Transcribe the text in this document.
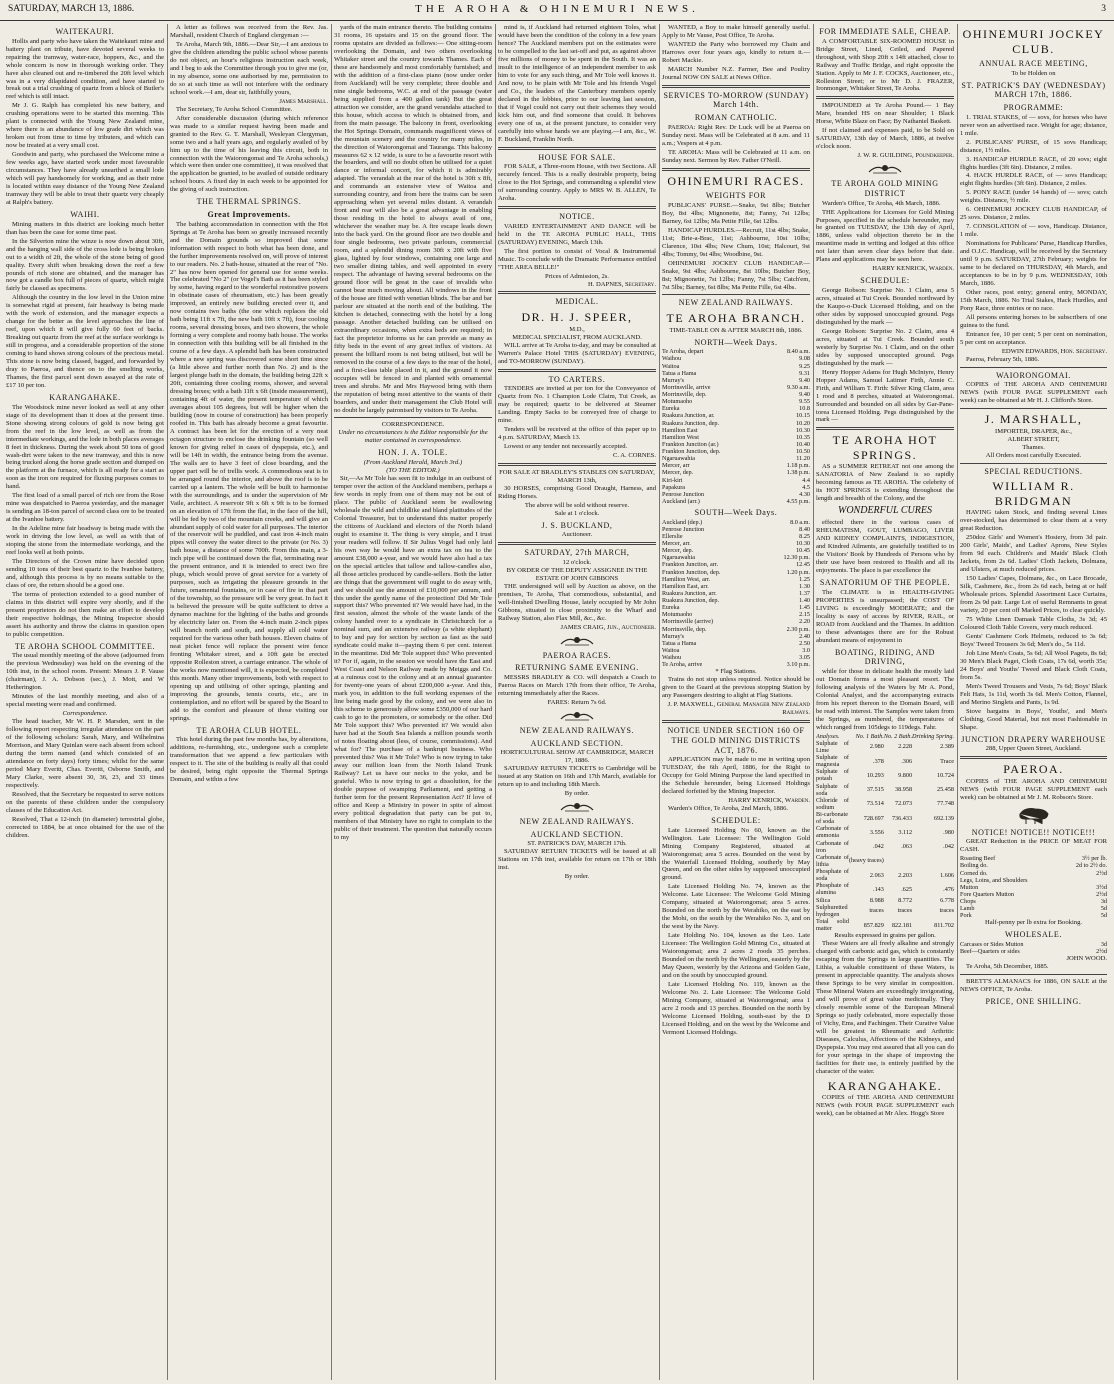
SATURDAY, MARCH 13, 1886.	THE AROHA & OHINEMURI NEWS.	3
WAITEKAURI.

Hollis and party who have taken the Waitekauri mine and battery plant on tribute, have devoted several weeks to repairing the tramway, water-race, hoppers, &c., and the whole concern is now in thorough working order. They have also cleaned out and re-timbered the 20ft level which was in a very dilapidated condition, and have started to break out a trial crushing of quartz from a block of Butler's reef which is still intact.

Mr J. G. Ralph has completed his new battery, and crushing operations were to be started this morning. This plant is connected with the Young New Zealand mine, where there is an abundance of low grade dirt which was broken out from time to time by tributers, and which can now be treated at a very small cost.

Goodwin and party, who purchased the Welcome mine a few weeks ago, have started work under most favourable circumstances. They have already unearthed a small lode which will pay handsomely for working, and as their mine is located within easy distance of the Young New Zealand tramway they will be able to treat their quartz very cheaply at Ralph's battery.

WAIHI.

Mining matters in this district are looking much better than has been the case for some time past.

In the Silverton mine the winze is now down about 30ft, and the hanging wall side of the cross lode is being broken out to a width of 2ft, the whole of the stone being of good quality. Every shift when breaking down the reef a few pounds of rich stone are obtained, and the manager has now got a candle box full of pieces of quartz, which might fairly be classed as specimens.

Although the country in the low level in the Union mine is somewhat rigid at present, fair headway is being made with the work of extension, and the manager expects a change for the better as the level approaches the line of reef, upon which it will give fully 60 feet of backs. Breaking out quartz from the reef at the surface workings is still in progress, and a considerable proportion of the stone coming to hand shows strong colours of the precious metal. This stone is now being classed, bagged, and forwarded by dray to Paeroa, and thence on to the smelting works, Thames, the first parcel sent down assayed at the rate of £17 10 per ton.

KARANGAHAKE.

The Woodstock mine never looked as well at any other stage of its development than it does at the present time. Stone showing strong colours of gold is now being got from the reef in the low level, as well as from the intermediate workings, and the lode in both places averages 8 feet in thickness. During the week about 50 tons of good wash-dirt were taken to the new tramway, and this is now being trucked along the horse grade section and dumped on the platform at the furnace, which is all ready for a start as soon as the iron ore required for fluxing purposes comes to hand.

The first load of a small parcel of rich ore from the Rose mine was despatched to Paeroa yesterday, and the manager is sending an 18-ton parcel of second class ore to be treated at the Ivanhoe battery.

In the Adeline mine fair headway is being made with the work in driving the low level, as well as with that of stoping the stone from the intermediate workings, and the reef looks well at both points.

The Directors of the Crown mine have decided upon sending 10 tons of their best quartz to the Ivanhoe battery, and, although this process is by no means suitable to the class of ore, the return should be a good one.

The terms of protection extended to a good number of claims in this district will expire very shortly, and if the present proprietors do not then make an effort to develop their respective holdings, the Mining Inspector should assert his authority and throw the claims in question open to public competition.

TE AROHA SCHOOL COMMITTEE.

The usual monthly meeting of the above (adjourned from the previous Wednesday) was held on the evening of the 10th inst, in the school room. Present: Messrs J. P. Vause (chairman), J. A. Dobson (sec.), J. Mott, and W Hetherington.

Minutes of the last monthly meeting, and also of a special meeting were read and confirmed.

Correspondence.

The head teacher, Mr W. H. P. Marsden, sent in the following report respecting irregular attendance on the part of the following scholars: Sarah, Mary, and Wilhelmina Morrison, and Mary Quinlan were each absent from school during the term named (and which consisted of an attendance on forty days) forty times; whilst for the same period Mary Everitt, Chas. Everitt, Osborne Smith, and Mary Clarke, were absent 30, 36, 23, and 33 times respectively.

Resolved, that the Secretary be requested to serve notices on the parents of these children under the compulsory clauses of the Education Act.

Resolved, That a 12-inch (in diameter) terrestrial globe, corrected to 1884, be at once obtained for the use of the children.

A letter as follows was received from the Rev. Jas. Marshall, resident Church of England clergyman :—

Te Aroha, March 9th, 1886.—Dear Sir,—I am anxious to give the children attending the public school whose parents do not object, an hour's religious instruction each week, and I beg to ask the Committee through you to give me (or, in my absence, some one authorised by me, permission to do so at such time as will not interfere with the ordinary school work.—I am, dear sir, faithfully yours,

James Marshall.

The Secretary, Te Aroha School Committee.

After considerable discussion (during which reference was made to a similar request having been made and granted to the Rev. G. T. Marshall, Wesleyan Clergyman, some two and a half years ago, and regularly availed of by him up to the time of his leaving this circuit, both in connection with the Waiorongomai and Te Aroha schools,) which were then under one committee), it was resolved that the application be granted, to be availed of outside ordinary school hours. A fixed day in each week to be appointed for the giving of such instruction.

THE THERMAL SPRINGS.
Great Improvements.

The bathing accommodation in connection with the Hot Springs at Te Aroha has been so greatly increased recently and the Domain grounds so improved that some information with respect to both what has been done, and the further improvements resolved on, will prove of interest to our readers. No. 2 bath-house, situated at the rear of "No. 2" has now been opened for general use for some weeks. The celebrated "No 2" (or Vogel's Bath as it has been styled by some, having regard to the wonderful restorative powers in obstinate cases of rheumatism, etc.) has been greatly improved, an entirely new building erected over it, and now contains two baths (the one which replaces the old bath being 11ft x 7ft, the new bath 10ft x 7ft), four cooling rooms, several dressing boxes, and two showers, the whole forming a very complete and roomy bath house. The works in connection with this building will be all finished in the course of a few days. A splendid bath has been constructed where a new spring was discovered some short time since (a little above and further north than No. 2) and is the largest plunge bath in the domain, the building being 22ft x 20ft, containing three cooling rooms, shower, and several dressing boxes; with a bath 11ft x 6ft (inside measurement), containing 4ft of water, the present temperature of which averages about 105 degrees, but will be higher when the building (now in course of construction) has been properly roofed in. This bath has already become a great favourite. A contract has been let for the erection of a very neat octagon structure to enclose the drinking fountain (so well known for giving relief in cases of dyspepsia, etc.), and will be 14ft in width, the entrance being from the avenue. The walls are to have 3 feet of close boarding, and the upper part will be of trellis work. A commodious seat is to be arranged round the interior, and above the roof is to be carried up a lantern. The whole will be built to harmonise with the surroundings, and is under the supervision of Mr Vaile, architect. A reservoir 9ft x 6ft x 9ft is to be formed on an elevation of 17ft from the flat, in the face of the hill, will be fed by two of the mountain creeks, and will give an abundant supply of cold water for all purposes. The interior of the reservoir will be puddled, and cast iron 4-inch main pipes will convey the water direct to the private (or No. 3) bath house, a distance of some 700ft. From this main, a 3-inch pipe will be continued down the flat, terminating near the present entrance, and it is intended to erect two fire plugs, which would prove of great service for a variety of purposes, such as irrigating the pleasure grounds in the future, ornamental fountains, or in case of fire in that part of the township, so the pressure will be very great. In fact it is believed the pressure will be quite sufficient to drive a dynamo machine for the lighting of the baths and grounds by electricity later on. From the 4-inch main 2-inch pipes will branch north and south, and supply all cold water required for the various other bath houses. Eleven chains of neat picket fence will replace the present wire fence fronting Whitaker street, and a 10ft gate be erected opposite Rolleston street, a carriage entrance. The whole of the works now mentioned will, it is expected, be completed this month. Many other improvements, both with respect to opening up and utilising of other springs, planting and improving the grounds, tennis courts, etc., are in contemplation, and no effort will be spared by the Board to add to the comfort and pleasure of those visiting our springs.

TE AROHA CLUB HOTEL.

This hotel during the past few months has, by alterations, additions, re-furnishing, etc., undergone such a complete transformation that we append a few particulars with respect to it. The site of the building is really all that could be desired, being right opposite the Thermal Springs Domain, and within a few

yards of the main entrance thereto. The building contains 31 rooms, 16 upstairs and 15 on the ground floor. The rooms upstairs are divided as follows:— One sitting-room overlooking the Domain, and two others overlooking Whitaker street and the country towards Thames. Each of these are handsomely and most comfortably furnished; and with the addition of a first-class piano (now under order from Auckland) will be very complete; three double and nine single bedrooms, W.C. at end of the passage (water being supplied from a 400 gallon tank) But the great attraction we consider, are the grand verandahs attached to this house, which access to which is obtained from, and from the main passage. The balcony in front, overlooking the Hot Springs Domain, commands magnificent views of the mountain scenery and the country for many miles, in the direction of Waiorongomai and Tauranga. This balcony measures 62 x 12 wide, is sure to be a favourite resort with the boarders, and will no doubt often be utilised for a quiet dance or informal concert, for which it is admirably adapted. The verandah at the rear of the hotel is 30ft x 8ft, and commands an extensive view of Waitoa and surrounding country, and from here the trains can be seen approaching when yet several miles distant. A verandah front and rear will also be a great advantage in enabling those residing in the hotel to always avail of one, whichever the weather may be. A fire escape leads down into the back yard. On the ground floor are two double and four single bedrooms, two private parlours, commercial room, and a splendid dining room 30ft x 20ft with five glass, lighted by four windows, containing one large and two smaller dining tables, and well appointed in every respect. The advantage of having several bedrooms on the ground floor will be great in the case of invalids who cannot bear much moving about. All windows in the front of the house are fitted with venetian blinds. The bar and bar parlour are situated at the north end of the building. The kitchen is detached, connecting with the hotel by a long passage. Another detached building can be utilised on extraordinary occasions, when extra beds are required; in fact the proprietor informs us he can provide as many as fifty beds in the event of any great influx of visitors. At present the billiard room is not being utilised, but will be removed in the course of a few days to the rear of the hotel, and a first-class table placed in it, and the ground it now occupies will be fenced in and planted with ornamental trees and shrubs. Mr and Mrs Haywood bring with them the reputation of being most attentive to the wants of their boarders, and under their management the Club Hotel will no doubt be largely patronised by visitors to Te Aroha.

CORRESPONDENCE.
Under no circumstances is the Editor responsible for the matter contained in correspondence.
HON. J. A. TOLE.
(From Auckland Herald, March 3rd.)
(TO THE EDITOR.)

Sir,—As Mr Tole has seen fit to indulge in an outburst of temper over the action of the Auckland members, perhaps a few words in reply from one of them may not be out of place. The public of Auckland seem be swallowing wholesale the wild and childlike and bland platitudes of the Colonial Treasurer, but to understand this matter properly the citizens of Auckland and electors of the North Island ought to examine it. The thing is very simple, and I trust your readers will follow. If Sir Julius Vogel had only laid his own way he would have an extra tax on tea to the amount £38,000 a-year, and we would have also had a tax on the special articles that tallow and tallow-candles also, all those articles produced by candle-sellers. Both the latter are things that the government will ought to do away with, and we should use the amount of £10,000 per annum, and this under the gently name of the protection! Did Mr Tole support this? Who prevented it? We would have had, in the first session, almost the whole of the waste lands of the colony handed over to a syndicate in Christchurch for a nominal sum, and an extensive railway (a white elephant) to buy and pay for section by section as fast as the said syndicate could make it—paying them 6 per cent. interest in the meantime. Did Mr Tole support this? Who prevented it? For if, again, in the session we would have the East and West Coast and Nelson Railway made by Meiggs and Co. at a ruinous cost to the colony and at an annual guarantee for twenty-one years of about £200,000 a-year. And this, mark you, in addition to the full working expenses of the line being made good by the colony, and we were also in this scheme to generously allow some £350,000 of our hard cash to go to the promoters, or somebody or the other. Did Mr Tole support this? Who prevented it? We would also have had at the South Sea Islands a million pounds worth of notes floating about (less, of course, commissions). And what for? The purchase of a bankrupt business. Who prevented this? Was it Mr Tole? Who is now trying to take away our million loan from the North Island Trunk Railway? Let us have our necks to the yoke, and be grateful. Who is now trying to get a dissolution, for the double purpose of swamping Parliament, and getting a further term for the present Representation Act? If love of office and Keep a Ministry in power in spite of almost every political degradation that party can be put to, members of that Ministry have no right to complain to the public of their treatment. The question that naturally occurs to my

mind is, if Auckland had returned eighteen Toles, what would have been the condition of the colony in a few years hence? The Auckland members put on the estimates were to be compelled to the last set-off and put, as against above five millions of money to be spent in the South. It was an insult to the intelligence of an independent member to ask him to vote for any such thing, and Mr Tole well knows it. And now, to be plain with Mr Tole and his friends Vogel and Co., the leaders of the Canterbury members openly declared in the lobbies, prior to our leaving last session, that if Vogel could not carry out their schemes they would kick him out, and find someone that could. It behoves every one of us, at the present juncture, to consider very carefully into whose hands we are playing.—I am, &c., W. F. Buckland, Franklin North.

HOUSE FOR SALE.

FOR SALE, a Three-room House, with two Sections. All securely fenced. This is a really desirable property, being close to the Hot Springs, and commanding a splendid view of surrounding country. Apply to MRS W. B. ALLEN, Te Aroha.

NOTICE.

VARIED ENTERTAINMENT AND DANCE will be held in the TE AROHA PUBLIC HALL, THIS (SATURDAY) EVENING, March 13th.

The first portion to consist of Vocal & Instrumental Music. To conclude with the Dramatic Performance entitled "THE AREA BELLE!"

Prices of Admission, 2s.
H. DAPNES, Secretary.
MEDICAL.
DR. H. J. SPEER,
M.D.,
MEDICAL SPECIALIST, FROM AUCKLAND.

WILL arrive at Te Aroha to-day, and may be consulted at Warren's Palace Hotel THIS (SATURDAY) EVENING, and TO-MORROW (SUNDAY).

TO CARTERS.

TENDERS are invited at per ton for the Conveyance of Quartz from No. 1 Champion Lode Claim, Tui Creek, as may be required; quartz to be delivered at Steamer Landing. Empty Sacks to be conveyed free of charge to mine.

Tenders will be received at the office of this paper up to 4 p.m. SATURDAY, March 13.

Lowest or any tender not necessarily accepted.

C. A. CORNES.
FOR SALE AT BRADLEY'S STABLES ON SATURDAY, MARCH 13th,

30 HORSES, comprising Good Draught, Harness, and Riding Horses.

The above will be sold without reserve.
Sale at 1 o'clock.
J. S. BUCKLAND,
Auctioneer.
SATURDAY, 27th MARCH,
12 o'clock.
BY ORDER OF THE DEPUTY ASSIGNEE IN THE ESTATE OF JOHN GIBBONS

THE undersigned will sell by Auction as above, on the premises, Te Aroha, That commodious, substantial, and well-finished Dwelling House, lately occupied by Mr John Gibbons, situated in close proximity to the Wharf and Railway Station, also Flax Mill, &c., &c.

JAMES CRAIG, Jun., Auctioneer.
PAEROA RACES.
RETURNING SAME EVENING.

MESSRS BRADLEY & CO. will despatch a Coach to Paeroa Races on March 17th from their office, Te Aroha, returning immediately after the Races.

FARES: Return 7s 6d.
NEW ZEALAND RAILWAYS.
AUCKLAND SECTION.
HORTICULTURAL SHOW AT CAMBRIDGE, MARCH 17, 1886.

SATURDAY RETURN TICKETS to Cambridge will be issued at any Station on 16th and 17th March, available for return up to and including 18th March.

By order.
NEW ZEALAND RAILWAYS.
AUCKLAND SECTION.
ST. PATRICK'S DAY, MARCH 17th.

SATURDAY RETURN TICKETS will be issued at all Stations on 17th inst, available for return on 17th or 18th inst.

By order.

WANTED, a Boy to make himself generally useful. Apply to Mr Vause, Post Office, Te Aroha.

WANTED the Party who borrowed my Chain and Harrows over four years ago, kindly to return it.—Robert Mackie.

MARCH Number N.Z. Farmer, Bee and Poultry Journal NOW ON SALE at News Office.

SERVICES TO-MORROW (SUNDAY) March 14th.
ROMAN CATHOLIC.

PAEROA: Right Rev. Dr Luck will be at Paeroa on Sunday next. Mass will be Celebrated at 8 a.m. and 11 a.m.; Vespers at 4 p.m.

TE AROHA: Mass will be Celebrated at 11 a.m. on Sunday next. Sermon by Rev. Father O'Neill.

OHINEMURI RACES.
WEIGHTS FOR

PUBLICANS' PURSE.—Snake, 9st 8lbs; Butcher Boy, 8st 4lbs; Mignonette, 8st; Fanny, 7st 12lbs; Barney, 6st 12lbs; Ma Petite Fille, 6st 12lbs.

HANDICAP HURDLES.—Recruit, 11st 4lbs; Snake, 11st; Brie-a-Brac, 11st; Ashbourne, 10st 10lbs; Clarence, 10st 4lbs; New Chum, 10st; Halcourt, 9st 4lbs; Tommy, 9st 4lbs; Woodbine, 9st.

OHINEMURI JOCKEY CLUB HANDICAP.—Snake, 9st 4lbs; Ashbourne, 8st 10lbs; Butcher Boy, 8st; Mignonette, 7st 12lbs; Fanny, 7st 5lbs; Catch'em, 7st 5lbs; Barney, 6st 8lbs; Ma Petite Fille, 6st 4lbs.

NEW ZEALAND RAILWAYS.
TE AROHA BRANCH.
TIME-TABLE ON & AFTER MARCH 8th, 1886.
NORTH—Week Days.
Te Aroha, depart	8.40 a.m.
Waihou	9.08
Waitoa	9.25
Tatua a Hama	9.31
Murray's	9.40
Morrinsville, arrive	9.30 a.m.
Morrinsville, dep.	9.40
Motumaoho	9.55
Eureka	10.8
Ruakura Junction, ar.	10.15
Ruakura Junction, dep.	10.20
Hamilton East	10.30
Hamilton West	10.35
Frankton Junction (ar.)	10.40
Frankton Junction, dep.	10.50
Ngaruawahia	11.20
Mercer, arr	1.18 p.m.
Mercer, dep.	1.38 p.m.
Kiri-kiri	4.4
Papakura	4.5
Penrose Junction	4.30
Auckland (arr.)	4.55 p.m.
SOUTH—Week Days.
Auckland (dep.)	8.0 a.m.
Penrose Junction	8.40
Ellerslie	8.25
Mercer, arr.	10.30
Mercer, dep.	10.45
Ngaruawahia	12.30 p.m.
Frankton Junction, arr.	12.45
Frankton Junction, dep.	1.20 p.m.
Hamilton West, arr.	1.25
Hamilton East, arr.	1.30
Ruakura Junction, arr.	1.37
Ruakura Junction, dep.	1.40
Eureka	1.45
Motumaoho	2.15
Morrinsville (arrive)	2.20
Morrinsville, dep.	2.30 p.m.
Murray's	2.40
Tatua a Hama	2.50
Waitoa	3.0
Waihou	3.05
Te Aroha, arrive	3.10 p.m.
* Flag Stations.

Trains do not stop unless required. Notice should be given to the Guard at the previous stopping Station by any Passengers desiring to alight at Flag Stations.

J. P. MAXWELL, General Manager New Zealand Railways.
NOTICE UNDER SECTION 160 OF THE GOLD MINING DISTRICTS ACT, 1876.

APPLICATION may be made to me in writing upon TUESDAY, the 6th April, 1886, for the Right to Occupy for Gold Mining Purpose the land specified in the Schedule hereunder, being Licensed Holdings declared forfeited by the Mining Inspector.

HARRY KENRICK, Warden.

Warden's Office, Te Aroha, 2nd March, 1886.

SCHEDULE:

Late Licensed Holding No 60, known as the Wellington. Late Licensee: The Wellington Gold Mining Company Registered, situated at Waiorongomai; area 5 acres. Bounded on the west by the Waterfall Licensed Holding, southerly by May Queen, and on the other sides by supposed unoccupied ground.

Late Licensed Holding No. 74, known as the Welcome. Late Licensee: The Welcome Gold Mining Company, situated at Waiorongomai; area 5 acres. Bounded on the north by the Werahiko, on the east by the Mohi, on the south by the Werahiko No. 3, and on the west by the Navy.

Late Holding No. 104, known as the Leo. Late Licensee: The Wellington Gold Mining Co., situated at Waiorongomai; area 2 acres 2 roods 35 perches. Bounded on the north by the Wellington, easterly by the May Queen, westerly by the Arizona and Golden Gate, and on the south by unoccupied ground.

Late Licensed Holding No. 119, known as the Welcome No. 2. Late Licensee: The Welcome Gold Mining Company, situated at Waiorongomai; area 1 acre 2 roods and 13 perches. Bounded on the north by Welcome Licensed Holding, south-east by the D Licensed Holding, and on the west by the Welcome and Vermont Licensed Holdings.

FOR IMMEDIATE SALE, CHEAP.

A COMFORTABLE SIX-ROOMED HOUSE in Bridge Street, Lined, Ceiled, and Papered throughout, with Shop 20ft x 14ft attached, close to Railway and Traffic Bridge, and right opposite the Station. Apply to Mr J. F. COCKS, Auctioneer, etc., Rolleston Street; or to Mr D. J. FRAZER, Ironmonger, Whitaker Street, Te Aroha.

IMPOUNDED at Te Aroha Pound.— 1 Bay Mare, branded HS on near Shoulder; 1 Black Horse, White Blaze on Face; By Nathaniel Baskett.

If not claimed and expenses paid, to be Sold on SATURDAY, 13th day of March, 1886, at twelve o'clock noon.

J. W. R. GUILDING, Poundkeeper.
TE AROHA GOLD MINING DISTRICT

Warden's Office, Te Aroha, 4th March, 1886.

THE Applications for Licenses for Gold Mining Purposes, specified in the schedule hereunder, may be granted on TUESDAY, the 13th day of April, 1886, unless valid objection thereto be in the meantime made in writing and lodged at this office not later than seven clear days before that date. Plans and applications may be seen here.

HARRY KENRICK, Warden.
SCHEDULE:

George Robson: Surprise No. 1 Claim, area 5 acres, situated at Tui Creek. Bounded northward by the Kaupo-o-Duck Licensed Holding, and on the other sides by supposed unoccupied ground. Pegs distinguished by the mark —

George Robson: Surprise No. 2 Claim, area 4 acres, situated at Tui Creek. Bounded south westerly by Surprise No. 1 Claim, and on the other sides by supposed unoccupied ground. Pegs distinguished by the mark —

Henry Hopper Adams for Hugh McIntyre, Henry Hopper Adams, Samuel Latimer Firth, Annie C. Firth, and William T. Firth: Silver King Claim, area 1 rood and 8 perches, situated at Waiorongomai. Surrounded and bounded on all sides by Gar-Pane-torea Licensed Holding. Pegs distinguished by the mark —

TE AROHA HOT SPRINGS.

AS a SUMMER RETREAT not one among the SANATORIA of New Zealand is so rapidly becoming famous as TE AROHA. The celebrity of its HOT SPRINGS is extending throughout the length and breadth of the Colony, and the

WONDERFUL CURES

effected there in the various cases of RHEUMATISM, GOUT, LUMBAGO, LIVER AND KIDNEY COMPLAINTS, INDIGESTION, and Kindred Ailments, are gratefully testified to in the Visitors' Book by Hundreds of Persons who by their use have been restored to Health and all its enjoyments. The place is par excellence the

SANATORIUM OF THE PEOPLE.

The CLIMATE is in HEALTH-GIVING PROPERTIES is unsurpassed; the COST OF LIVING is exceedingly MODERATE; and the locality is easy of access by RIVER, RAIL, or ROAD from Auckland and the Thames. In addition to these advantages there are for the Robust abundant means of enjoyment in

BOATING, RIDING, AND DRIVING,

while for those in delicate health the mostly laid out Domain forms a most pleasant resort. The following analysis of the Waters by Mr A. Pond, Colonial Analyst, and the accompanying extracts from his report thereon to the Domain Board, will be read with interest. The Samples were taken from the Springs, as numbered, the temperatures of which ranged from 105degs to 119degs. Fahr.

Analyses.	No. 1 Bath.	No. 2 Bath.	Drinking Spring.
Sulphate of Lime	2.980	2.228	2.389
Sulphate of magnesia	.378	.306	Trace
Sulphate of potash	10.293	9.800	10.724
Sulphate of soda	37.515	38.958	25.458
Chloride of sodium	73.514	72.073	77.748
Bi-carbonate of soda	728.697	736.433	692.139
Carbonate of ammonia	3.556	3.112	.980
Carbonate of iron	.042	.063	.042
Carbonate of lithia	(heavy traces)		
Phosphate of soda	2.063	2.203	1.606
Phosphate of alumina	.143	.625	.476
Silica	8.988	8.772	6.778
Sulphuretted hydrogen	traces	traces	traces
Total solid matter	857.829	822.181	811.702
Results expressed in grains per gallon.

These Waters are all freely alkaline and strongly charged with carbonic acid gas, which is constantly escaping from the Springs in large quantities. The Lithia, a valuable constituent of these Waters, is present in appreciable quantity. The analysis shows these Springs to be very similar in composition. These Mineral Waters are exceedingly invigorating, and will prove of great value medicinally. They closely resemble some of the European Mineral Springs so justly celebrated, more especially those of Vichy, Ems, and Fachingen. Their Curative Value will be greatest in Rheumatic and Arthritic Diseases, Calculus, Affections of the Kidneys, and Dyspepsia. You may rest assured that all you can do for your springs in the shape of improving the facilities for their use, is entirely justified by the character of the water.

KARANGAHAKE.

COPIES of THE AROHA AND OHINEMURI NEWS (with FOUR PAGE SUPPLEMENT each week), can be obtained at Mr Alex. Hogg's Store

OHINEMURI JOCKEY CLUB.
ANNUAL RACE MEETING,
To be Holden on
ST. PATRICK'S DAY (WEDNESDAY) MARCH 17th, 1886.
PROGRAMME:

1. TRIAL STAKES, of — sovs, for horses who have never won an advertised race. Weight for age; distance, 1 mile.

2. PUBLICANS' PURSE, of 15 sovs Handicap; distance, 1½ miles.

3. HANDICAP HURDLE RACE, of 20 sovs; eight flights hurdles (3ft 6in). Distance, 2 miles.

4. HACK HURDLE RACE, of — sovs Handicap; eight flights hurdles (3ft 6in). Distance, 2 miles.

5. PONY RACE (under 14 hands) of — sovs; catch weights. Distance, ½ mile.

6. OHINEMURI JOCKEY CLUB HANDICAP, of 25 sovs. Distance, 2 miles.

7. CONSOLATION of — sovs, Handicap. Distance, 1 mile.

Nominations for Publicans' Purse, Handicap Hurdles, and O.J.C. Handicap, will be received by the Secretary until 9 p.m. SATURDAY, 27th February; weights for same to be declared on THURSDAY, 4th March, and acceptances to be in by 9 p.m. WEDNESDAY, 10th March, 1886.

Other races, post entry; general entry, MONDAY, 15th March, 1886. No Trial Stakes, Hack Hurdles, and Pony Race, three entries or no race.

All persons entering horses to be subscribers of one guinea to the fund.

Entrance fee, 10 per cent; 5 per cent on nomination, 5 per cent on acceptance.

EDWIN EDWARDS, Hon. Secretary.

Paeroa, February 5th, 1886.

WAIORONGOMAI.

COPIES of THE AROHA AND OHINEMURI NEWS (with FOUR PAGE SUPPLEMENT each week) can be obtained at Mr H. J. Clifford's Store.

J. MARSHALL,
IMPORTER, DRAPER, &c.,
ALBERT STREET,
Thames.
All Orders most carefully Executed.
SPECIAL REDUCTIONS.
WILLIAM R. BRIDGMAN

HAVING taken Stock, and finding several Lines over-stocked, has determined to clear them at a very great Reduction.

250doz Girls' and Women's Hosiery, from 3d pair. 200 Girls', Maids', and Ladies' Aprons, New Styles from 9d each. Children's and Maids' Black Cloth Jackets, from 2s 6d. Ladies' Cloth Jackets, Dolmans, and Ulsters, at much reduced prices.

150 Ladies' Capes, Dolmans, &c., on Lace Brocade, Silk, Cashmere, &c., from 2s 6d each, being at or half Wholesale prices. Splendid Assortment Lace Curtains, from 2s 9d pair. Large Lot of useful Remnants in great variety, 20 per cent off Marked Prices, to clear quickly.

75 White Linen Damask Table Cloths, 3s 3d; 45 Coloured Cloth Table Covers, very much reduced.

Gents' Cashmere Cork Helmets, reduced to 3s 6d; Boys' Tweed Trousers 3s 6d; Men's do., 5s 11d.

Job Line Men's Coats, 5s 6d; All Wool Pagets, 8s 6d; 30 Men's Black Paget, Cloth Coats, 17s 6d, worth 35s; 24 Boys' and Youths' Tweed and Black Cloth Coats, from 5s.

Men's Tweed Trousers and Vests, 7s 6d; Boys' Black Felt Hats, 1s 11d, worth 3s 6d. Men's Cotton, Flannel, and Merino Singlets and Pants, 1s 9d.

Stove bargains in Boys', Youths', and Men's Clothing, Good Material, but not most Fashionable in Shape.

JUNCTION DRAPERY WAREHOUSE
288, Upper Queen Street, Auckland.
PAEROA.

COPIES of THE AROHA AND OHINEMURI NEWS (with FOUR PAGE SUPPLEMENT each week) can be obtained at Mr J. M. Robson's Store.

NOTICE! NOTICE!! NOTICE!!!

GREAT Reduction in the PRICE OF MEAT FOR CASH.

Roasting Beef	3½ per lb.
Boiling do.	2d to 2½ do.
Corned do.	2½d
Legs, Loins, and Shoulders	
Mutton	3½d
Fore Quarters Mutton	2½d
Chops	3d
Lamb	5d
Pork	5d
Half-penny per lb extra for Booking.
WHOLESALE.
Carcases or Sides Mutton	3d
Beef—Quarters or sides	2½d
JOHN WOOD.

Te Aroha, 5th December, 1885.

BRETT'S ALMANACS for 1886, ON SALE at the NEWS OFFICE, Te Aroha.

PRICE, ONE SHILLING.
